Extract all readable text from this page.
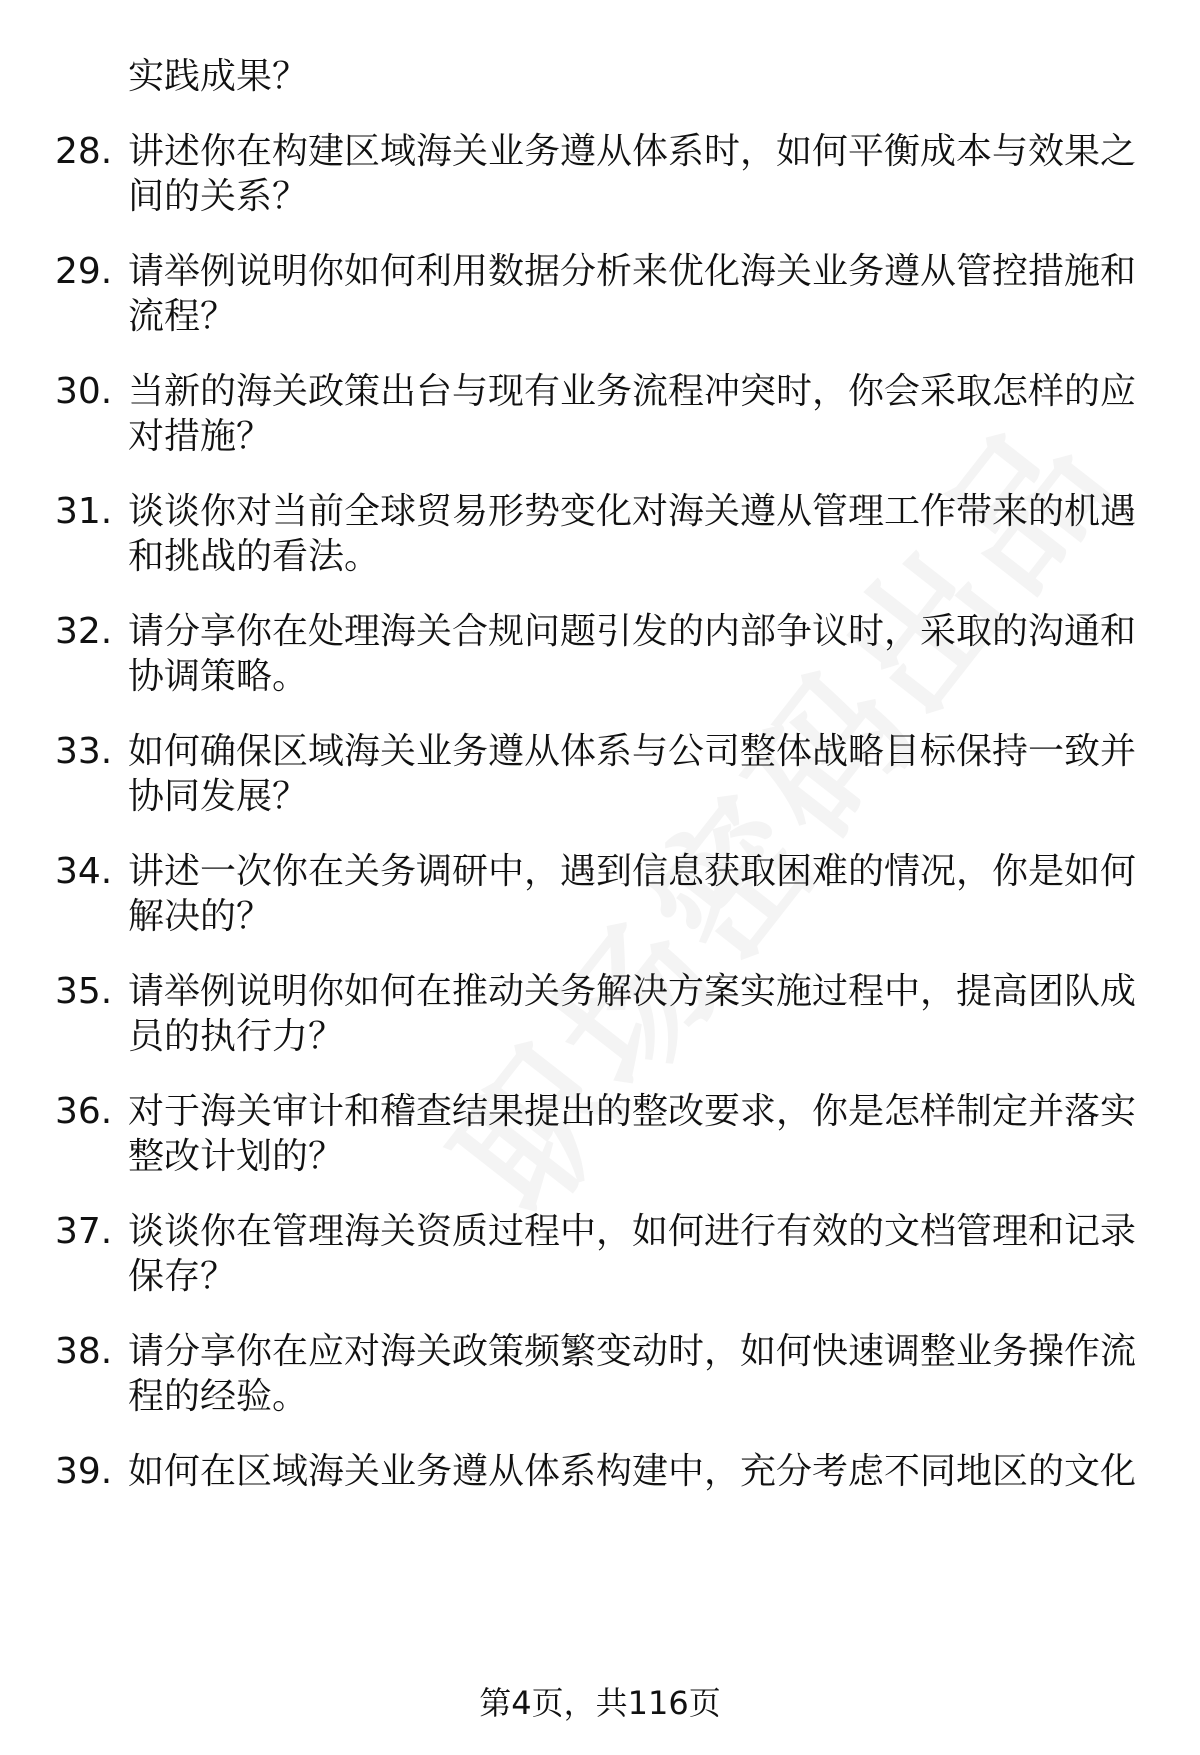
实践成果？
28. 讲述你在构建区域海关业务遵从体系时，如何平衡成本与效果之
间的关系？
29. 请举例说明你如何利用数据分析来优化海关业务遵从管控措施和
流程？
30. 当新的海关政策出台与现有业务流程冲突时，你会采取怎样的应
对措施？
31. 谈谈你对当前全球贸易形势变化对海关遵从管理工作带来的机遇
和挑战的看法。
32. 请分享你在处理海关合规问题引发的内部争议时，采取的沟通和
协调策略。
33. 如何确保区域海关业务遵从体系与公司整体战略目标保持一致并
协同发展？
34. 讲述一次你在关务调研中，遇到信息获取困难的情况，你是如何
解决的？
35. 请举例说明你如何在推动关务解决方案实施过程中，提高团队成
员的执行力？
36. 对于海关审计和稽查结果提出的整改要求，你是怎样制定并落实
整改计划的？
37. 谈谈你在管理海关资质过程中，如何进行有效的文档管理和记录
保存？
38. 请分享你在应对海关政策频繁变动时，如何快速调整业务操作流
程的经验。
39. 如何在区域海关业务遵从体系构建中，充分考虑不同地区的文化
第4页，共116页
